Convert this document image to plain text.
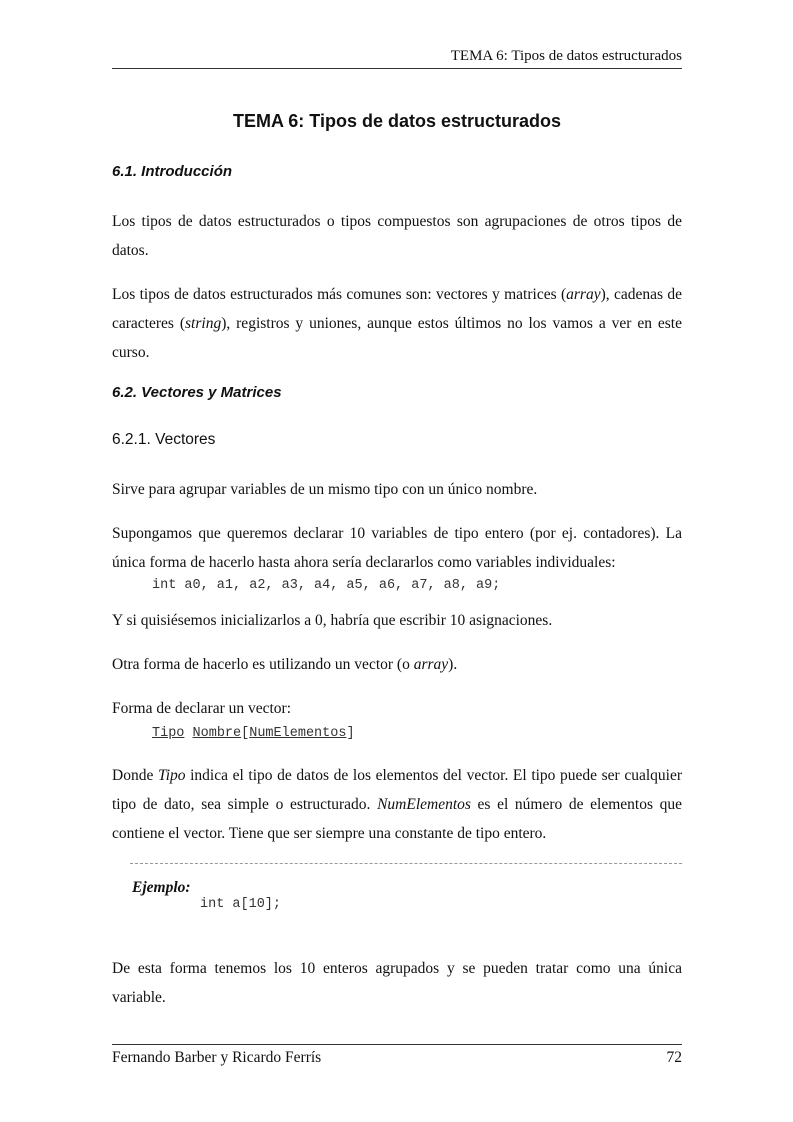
TEMA 6: Tipos de datos estructurados
TEMA 6: Tipos de datos estructurados
6.1. Introducción

Los tipos de datos estructurados o tipos compuestos son agrupaciones de otros tipos de datos.

Los tipos de datos estructurados más comunes son: vectores y matrices (array), cadenas de caracteres (string), registros y uniones, aunque estos últimos no los vamos a ver en este curso.

6.2. Vectores y Matrices
6.2.1. Vectores

Sirve para agrupar variables de un mismo tipo con un único nombre.

Supongamos que queremos declarar 10 variables de tipo entero (por ej. contadores). La única forma de hacerlo hasta ahora sería declararlos como variables individuales:

int a0, a1, a2, a3, a4, a5, a6, a7, a8, a9;

Y si quisiésemos inicializarlos a 0, habría que escribir 10 asignaciones.

Otra forma de hacerlo es utilizando un vector (o array).

Forma de declarar un vector:

Tipo Nombre[NumElementos]

Donde Tipo indica el tipo de datos de los elementos del vector. El tipo puede ser cualquier tipo de dato, sea simple o estructurado. NumElementos es el número de elementos que contiene el vector. Tiene que ser siempre una constante de tipo entero.

Ejemplo:
int a[10];

De esta forma tenemos los 10 enteros agrupados y se pueden tratar como una única variable.

Fernando Barber y Ricardo Ferrís	72
